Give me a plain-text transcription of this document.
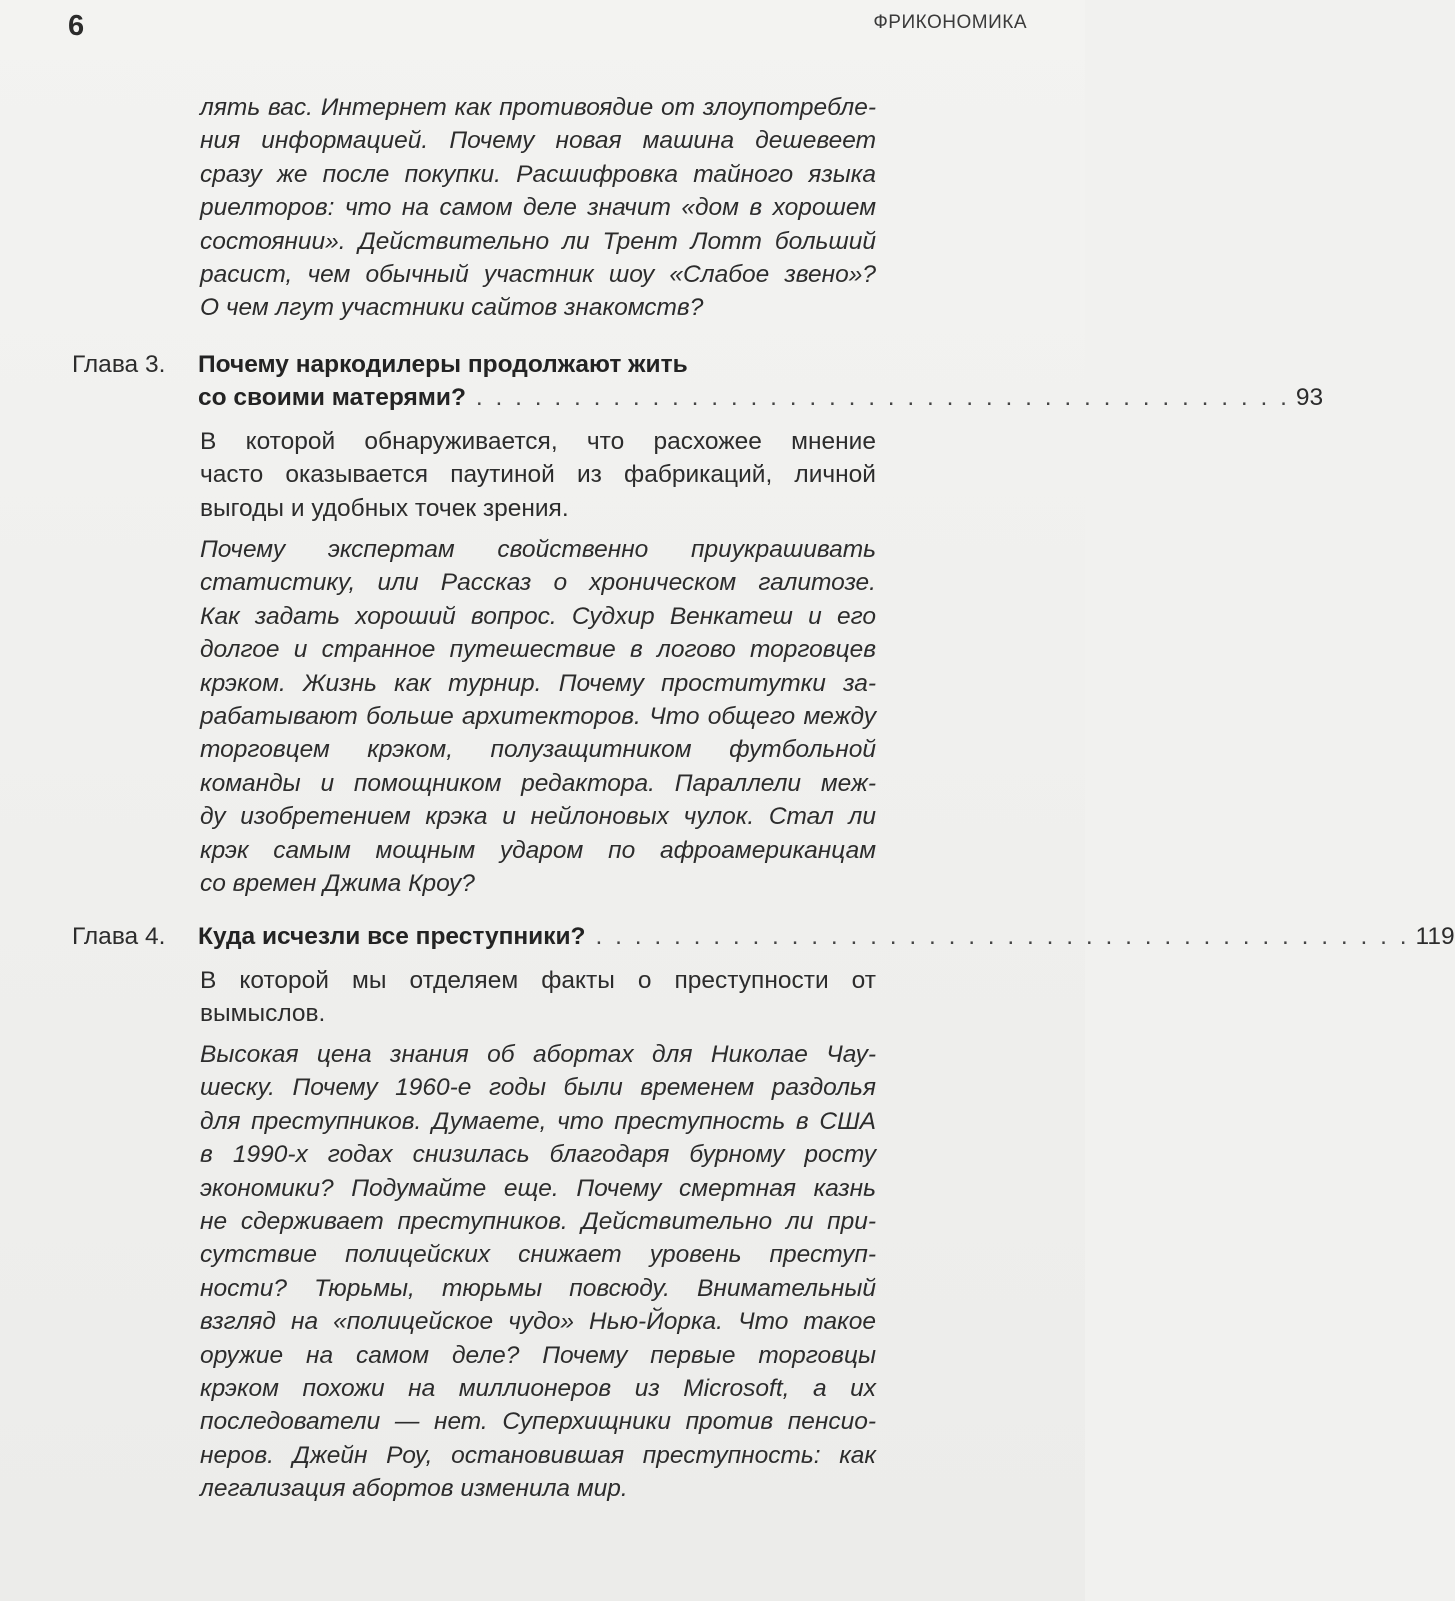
6	ФРИКОНОМИКА
лять вас. Интернет как противоядие от злоупотребле-
ния информацией. Почему новая машина дешевеет
сразу же после покупки. Расшифровка тайного языка
риелторов: что на самом деле значит «дом в хорошем
состоянии». Действительно ли Трент Лотт больший
расист, чем обычный участник шоу «Слабое звено»?
О чем лгут участники сайтов знакомств?
Глава 3.	Почему наркодилеры продолжают жить
со своими матерями? . . . . . . . . . . . . . . . . . . . . . . . . . . . . . . . . . . . . . . . . . . 93
В которой обнаруживается, что расхожее мнение
часто оказывается паутиной из фабрикаций, личной
выгоды и удобных точек зрения.
Почему экспертам свойственно приукрашивать
статистику, или Рассказ о хроническом галитозе.
Как задать хороший вопрос. Судхир Венкатеш и его
долгое и странное путешествие в логово торговцев
крэком. Жизнь как турнир. Почему проститутки за-
рабатывают больше архитекторов. Что общего между
торговцем крэком, полузащитником футбольной
команды и помощником редактора. Параллели меж-
ду изобретением крэка и нейлоновых чулок. Стал ли
крэк самым мощным ударом по афроамериканцам
со времен Джима Кроу?
Глава 4.	Куда исчезли все преступники? . . . . . . . . . . . . . . . . . . . . . . . . . . . . . . . . . . . . . . . . . . 119
В которой мы отделяем факты о преступности от
вымыслов.
Высокая цена знания об абортах для Николае Чау-
шеску. Почему 1960-е годы были временем раздолья
для преступников. Думаете, что преступность в США
в 1990-х годах снизилась благодаря бурному росту
экономики? Подумайте еще. Почему смертная казнь
не сдерживает преступников. Действительно ли при-
сутствие полицейских снижает уровень преступ-
ности? Тюрьмы, тюрьмы повсюду. Внимательный
взгляд на «полицейское чудо» Нью-Йорка. Что такое
оружие на самом деле? Почему первые торговцы
крэком похожи на миллионеров из Microsoft, а их
последователи — нет. Суперхищники против пенсио-
неров. Джейн Роу, остановившая преступность: как
легализация абортов изменила мир.
